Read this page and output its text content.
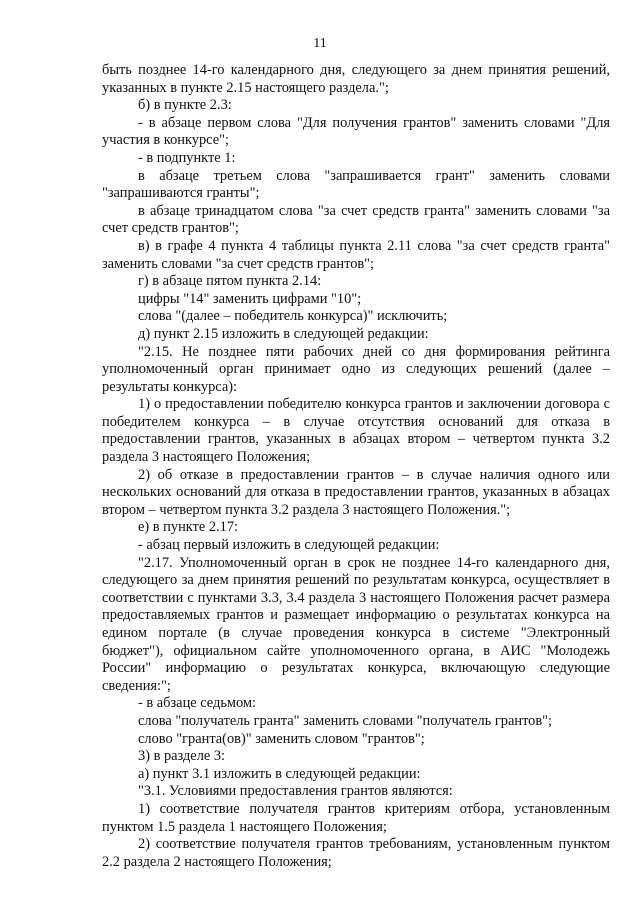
11

быть позднее 14-го календарного дня, следующего за днем принятия решений, указанных в пункте 2.15 настоящего раздела.";

б) в пункте 2.3:

- в абзаце первом слова "Для получения грантов" заменить словами "Для участия в конкурсе";

- в подпункте 1:

в абзаце третьем слова "запрашивается грант" заменить словами "запрашиваются гранты";

в абзаце тринадцатом слова "за счет средств гранта" заменить словами "за счет средств грантов";

в) в графе 4 пункта 4 таблицы пункта 2.11 слова "за счет средств гранта" заменить словами "за счет средств грантов";

г) в абзаце пятом пункта 2.14:

цифры "14" заменить цифрами "10";

слова "(далее – победитель конкурса)" исключить;

д) пункт 2.15 изложить в следующей редакции:

"2.15. Не позднее пяти рабочих дней со дня формирования рейтинга уполномоченный орган принимает одно из следующих решений (далее – результаты конкурса):

1) о предоставлении победителю конкурса грантов и заключении договора с победителем конкурса – в случае отсутствия оснований для отказа в предоставлении грантов, указанных в абзацах втором – четвертом пункта 3.2 раздела 3 настоящего Положения;

2) об отказе в предоставлении грантов – в случае наличия одного или нескольких оснований для отказа в предоставлении грантов, указанных в абзацах втором – четвертом пункта 3.2 раздела 3 настоящего Положения.";

е) в пункте 2.17:

- абзац первый изложить в следующей редакции:

"2.17. Уполномоченный орган в срок не позднее 14-го календарного дня, следующего за днем принятия решений по результатам конкурса, осуществляет в соответствии с пунктами 3.3, 3.4 раздела 3 настоящего Положения расчет размера предоставляемых грантов и размещает информацию о результатах конкурса на едином портале (в случае проведения конкурса в системе "Электронный бюджет"), официальном сайте уполномоченного органа, в АИС "Молодежь России" информацию о результатах конкурса, включающую следующие сведения:";

- в абзаце седьмом:

слова "получатель гранта" заменить словами "получатель грантов";

слово "гранта(ов)" заменить словом "грантов";

3) в разделе 3:

а) пункт 3.1 изложить в следующей редакции:

"3.1. Условиями предоставления грантов являются:

1) соответствие получателя грантов критериям отбора, установленным пунктом 1.5 раздела 1 настоящего Положения;

2) соответствие получателя грантов требованиям, установленным пунктом 2.2 раздела 2 настоящего Положения;
